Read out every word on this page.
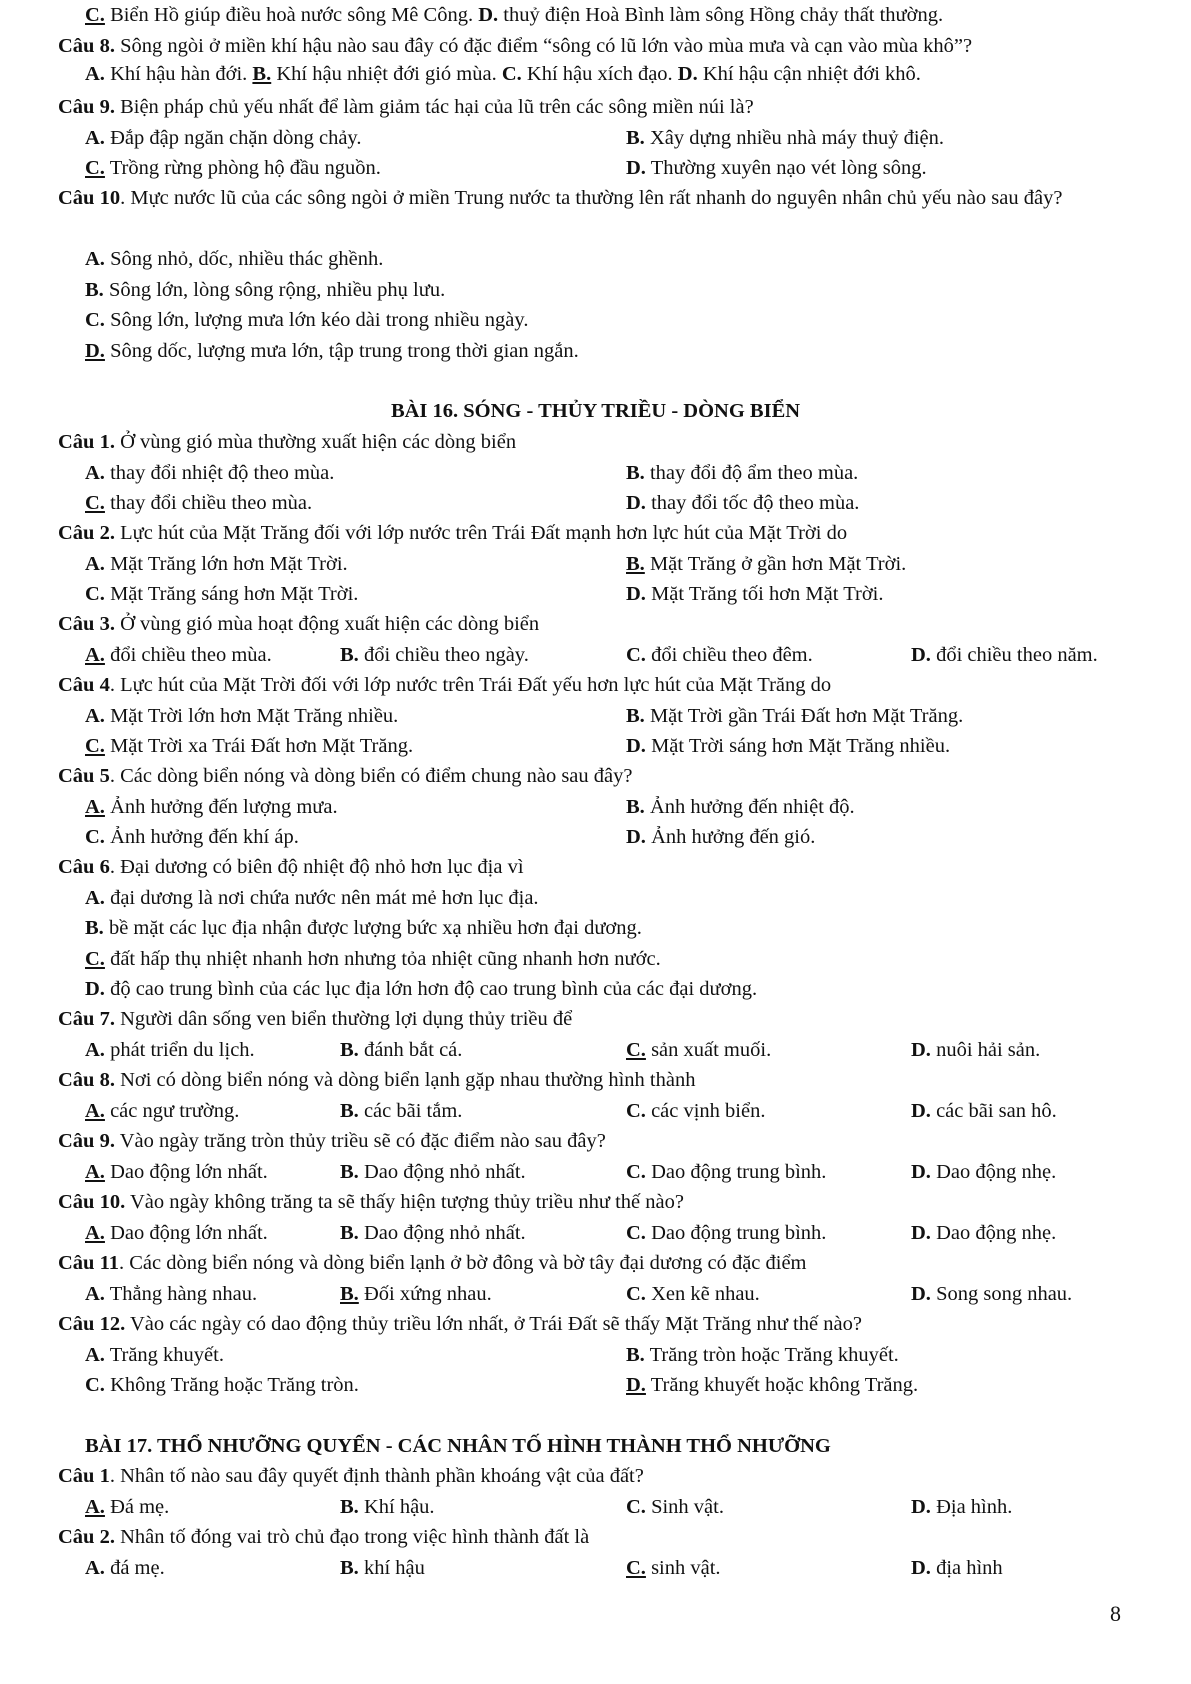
C. Biển Hồ giúp điều hoà nước sông Mê Công. D. thuỷ điện Hoà Bình làm sông Hồng chảy thất thường.
Câu 8. Sông ngòi ở miền khí hậu nào sau đây có đặc điểm “sông có lũ lớn vào mùa mưa và cạn vào mùa khô”?
A. Khí hậu hàn đới. B. Khí hậu nhiệt đới gió mùa. C. Khí hậu xích đạo. D. Khí hậu cận nhiệt đới khô.
Câu 9. Biện pháp chủ yếu nhất để làm giảm tác hại của lũ trên các sông miền núi là?
A. Đắp đập ngăn chặn dòng chảy.	B. Xây dựng nhiều nhà máy thuỷ điện.
C. Trồng rừng phòng hộ đầu nguồn.	D. Thường xuyên nạo vét lòng sông.
Câu 10. Mực nước lũ của các sông ngòi ở miền Trung nước ta thường lên rất nhanh do nguyên nhân chủ yếu nào sau đây?
A. Sông nhỏ, dốc, nhiều thác ghềnh.
B. Sông lớn, lòng sông rộng, nhiều phụ lưu.
C. Sông lớn, lượng mưa lớn kéo dài trong nhiều ngày.
D. Sông dốc, lượng mưa lớn, tập trung trong thời gian ngắn.
BÀI 16. SÓNG - THỦY TRIỀU - DÒNG BIỂN
Câu 1. Ở vùng gió mùa thường xuất hiện các dòng biển
A. thay đổi nhiệt độ theo mùa.	B. thay đổi độ ẩm theo mùa.
C. thay đổi chiều theo mùa.	D. thay đổi tốc độ theo mùa.
Câu 2. Lực hút của Mặt Trăng đối với lớp nước trên Trái Đất mạnh hơn lực hút của Mặt Trời do
A. Mặt Trăng lớn hơn Mặt Trời.	B. Mặt Trăng ở gần hơn Mặt Trời.
C. Mặt Trăng sáng hơn Mặt Trời.	D. Mặt Trăng tối hơn Mặt Trời.
Câu 3. Ở vùng gió mùa hoạt động xuất hiện các dòng biển
A. đổi chiều theo mùa.	B. đổi chiều theo ngày.	C. đổi chiều theo đêm.	D. đổi chiều theo năm.
Câu 4. Lực hút của Mặt Trời đối với lớp nước trên Trái Đất yếu hơn lực hút của Mặt Trăng do
A. Mặt Trời lớn hơn Mặt Trăng nhiều.	B. Mặt Trời gần Trái Đất hơn Mặt Trăng.
C. Mặt Trời xa Trái Đất hơn Mặt Trăng.	D. Mặt Trời sáng hơn Mặt Trăng nhiều.
Câu 5. Các dòng biển nóng và dòng biển có điểm chung nào sau đây?
A. Ảnh hưởng đến lượng mưa.	B. Ảnh hưởng đến nhiệt độ.
C. Ảnh hưởng đến khí áp.	D. Ảnh hưởng đến gió.
Câu 6. Đại dương có biên độ nhiệt độ nhỏ hơn lục địa vì
A. đại dương là nơi chứa nước nên mát mẻ hơn lục địa.
B. bề mặt các lục địa nhận được lượng bức xạ nhiều hơn đại dương.
C. đất hấp thụ nhiệt nhanh hơn nhưng tỏa nhiệt cũng nhanh hơn nước.
D. độ cao trung bình của các lục địa lớn hơn độ cao trung bình của các đại dương.
Câu 7. Người dân sống ven biển thường lợi dụng thủy triều để
A. phát triển du lịch.	B. đánh bắt cá.	C. sản xuất muối.	D. nuôi hải sản.
Câu 8. Nơi có dòng biển nóng và dòng biển lạnh gặp nhau thường hình thành
A. các ngư trường.	B. các bãi tắm.	C. các vịnh biển.	D. các bãi san hô.
Câu 9. Vào ngày trăng tròn thủy triều sẽ có đặc điểm nào sau đây?
A. Dao động lớn nhất.	B. Dao động nhỏ nhất.	C. Dao động trung bình.	D. Dao động nhẹ.
Câu 10. Vào ngày không trăng ta sẽ thấy hiện tượng thủy triều như thế nào?
A. Dao động lớn nhất.	B. Dao động nhỏ nhất.	C. Dao động trung bình.	D. Dao động nhẹ.
Câu 11. Các dòng biển nóng và dòng biển lạnh ở bờ đông và bờ tây đại dương có đặc điểm
A. Thẳng hàng nhau.	B. Đối xứng nhau.	C. Xen kẽ nhau.	D. Song song nhau.
Câu 12. Vào các ngày có dao động thủy triều lớn nhất, ở Trái Đất sẽ thấy Mặt Trăng như thế nào?
A. Trăng khuyết.	B. Trăng tròn hoặc Trăng khuyết.
C. Không Trăng hoặc Trăng tròn.	D. Trăng khuyết hoặc không Trăng.
BÀI 17. THỔ NHƯỠNG QUYỂN - CÁC NHÂN TỐ HÌNH THÀNH THỔ NHƯỠNG
Câu 1. Nhân tố nào sau đây quyết định thành phần khoáng vật của đất?
A. Đá mẹ.	B. Khí hậu.	C. Sinh vật.	D. Địa hình.
Câu 2. Nhân tố đóng vai trò chủ đạo trong việc hình thành đất là
A. đá mẹ.	B. khí hậu	C. sinh vật.	D. địa hình
8
